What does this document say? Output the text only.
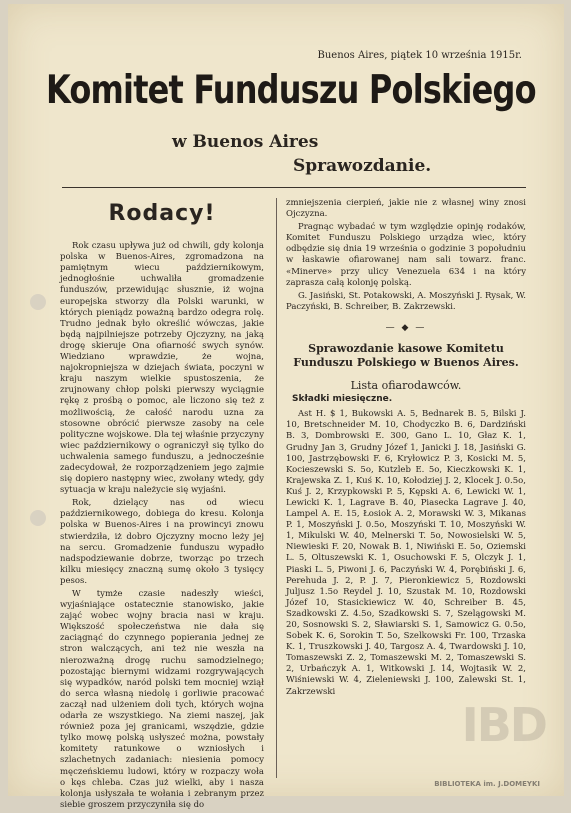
Buenos Aires, piątek 10 września 1915r.
Komitet Funduszu Polskiego
w Buenos Aires
Sprawozdanie.
Rodacy!

Rok czasu upływa już od chwili, gdy kolonja polska w Buenos-Aires, zgromadzona na pamiętnym wiecu październikowym, jednogłośnie uchwaliła gromadzenie funduszów, przewidując słusznie, iż wojna europejska stworzy dla Polski warunki, w których pieniądz poważną bardzo odegra rolę. Trudno jednak było określić wówczas, jakie będą najpilniejsze potrzeby Ojczyzny, na jaką drogę skieruje Ona ofiarność swych synów. Wiedziano wprawdzie, że wojna, najokropniejsza w dziejach świata, poczyni w kraju naszym wielkie spustoszenia, że zrujnowany chłop polski pierwszy wyciągnie rękę z prośbą o pomoc, ale liczono się też z możliwością, że całość narodu uzna za stosowne obrócić pierwsze zasoby na cele polityczne wojskowe. Dla tej właśnie przyczyny wiec październikowy o ograniczył się tylko do uchwalenia samego funduszu, a jednocześnie zadecydował, że rozporządzeniem jego zajmie się dopiero następny wiec, zwołany wtedy, gdy sytuacja w kraju należycie się wyjaśni.

Rok, dzielący nas od wiecu październikowego, dobiega do kresu. Kolonja polska w Buenos-Aires i na prowincyi znowu stwierdziła, iż dobro Ojczyzny mocno leży jej na sercu. Gromadzenie funduszu wypadło nadspodziewanie dobrze, tworząc po trzech kilku miesięcy znaczną sumę około 3 tysięcy pesos.

W tymże czasie nadeszły wieści, wyjaśniające ostatecznie stanowisko, jakie zająć wobec wojny bracia nasi w kraju. Większość społeczeństwa nie dała się zaciągnąć do czynnego popierania jednej ze stron walczących, ani też nie weszła na nierozważną drogę ruchu samodzielnego; pozostając biernymi widzami rozgrywających się wypadków, naród polski tem mocniej wziął do serca własną niedolę i gorliwie pracować zaczął nad ulżeniem doli tych, których wojna odarła ze wszystkiego. Na ziemi naszej, jak również poza jej granicami, wszędzie, gdzie tylko mowę polską usłyszeć można, powstały komitety ratunkowe o wzniosłych i szlachetnych zadaniach: niesienia pomocy męczeńskiemu ludowi, który w rozpaczy woła o kęs chleba. Czas już wielki, aby i nasza kolonja usłyszała te wołania i zebranym przez siebie groszem przyczyniła się do

zmniejszenia cierpień, jakie nie z własnej winy znosi Ojczyzna.

Pragnąc wybadać w tym względzie opinję rodaków, Komitet Funduszu Polskiego urządza wiec, który odbędzie się dnia 19 września o godzinie 3 popołudniu w łaskawie ofiarowanej nam sali towarz. franc. «Minerve» przy ulicy Venezuela 634 i na który zaprasza całą kolonję polską.

G. Jasiński, St. Potakowski, A. Moszyński J. Rysak, W. Paczyński, B. Schreiber, B. Zakrzewski.

— ◆ —
Sprawozdanie kasowe Komitetu Funduszu Polskiego w Buenos Aires.
Lista ofiarodawców.
Składki miesięczne.

Ast H. $ 1, Bukowski A. 5, Bednarek B. 5, Bilski J. 10, Bretschneider M. 10, Chodyczko B. 6, Dardziński B. 3, Dombrowski E. 300, Gano L. 10, Głaz K. 1, Grudny Jan 3, Grudny Józef 1, Janicki J. 18, Jasiński G. 100, Jastrzębowski F. 6, Kryłowicz P. 3, Kosicki M. 5, Kocieszewski S. 5o, Kutzleb E. 5o, Kieczkowski K. 1, Krajewska Z. 1, Kuś K. 10, Kołodziej J. 2, Klocek J. 0.5o, Kuś J. 2, Krzypkowski P. 5, Kępski A. 6, Lewicki W. 1, Lewicki K. 1, Lagrave B. 40, Piasecka Lagrave J. 40, Lampel A. E. 15, Łosiok A. 2, Morawski W. 3, Mikanas P. 1, Moszyński J. 0.5o, Moszyński T. 10, Moszyński W. 1, Mikulski W. 40, Melnerski T. 5o, Nowosielski W. 5, Niewieski F. 20, Nowak B. 1, Niwiński E. 5o, Oziemski L. 5, Oltuszewski K. 1, Osuchowski F. 5, Olczyk J. 1, Piaski L. 5, Piwoni J. 6, Paczyński W. 4, Porębiński J. 6, Perehuda J. 2, P. J. 7, Pieronkiewicz 5, Rozdowski Juljusz 1.5o Reydel J. 10, Szustak M. 10, Rozdowski Józef 10, Stasickiewicz W. 40, Schreiber B. 45, Szadkowski Z. 4.5o, Szadkowski S. 7, Szelągowski M. 20, Sosnowski S. 2, Sławiarski S. 1, Samowicz G. 0.5o, Sobek K. 6, Sorokin T. 5o, Szelkowski Fr. 100, Trzaska K. 1, Truszkowski J. 40, Targosz A. 4, Twardowski J. 10, Tomaszewski Z. 2, Tomaszewski M. 2, Tomaszewski S. 2, Urbańczyk A. 1, Witkowski J. 14, Wojtasik W. 2, Wiśniewski W. 4, Zieleniewski J. 100, Zalewski St. 1, Zakrzewski

IBD
BIBLIOTEKA im. J.DOMEYKI
